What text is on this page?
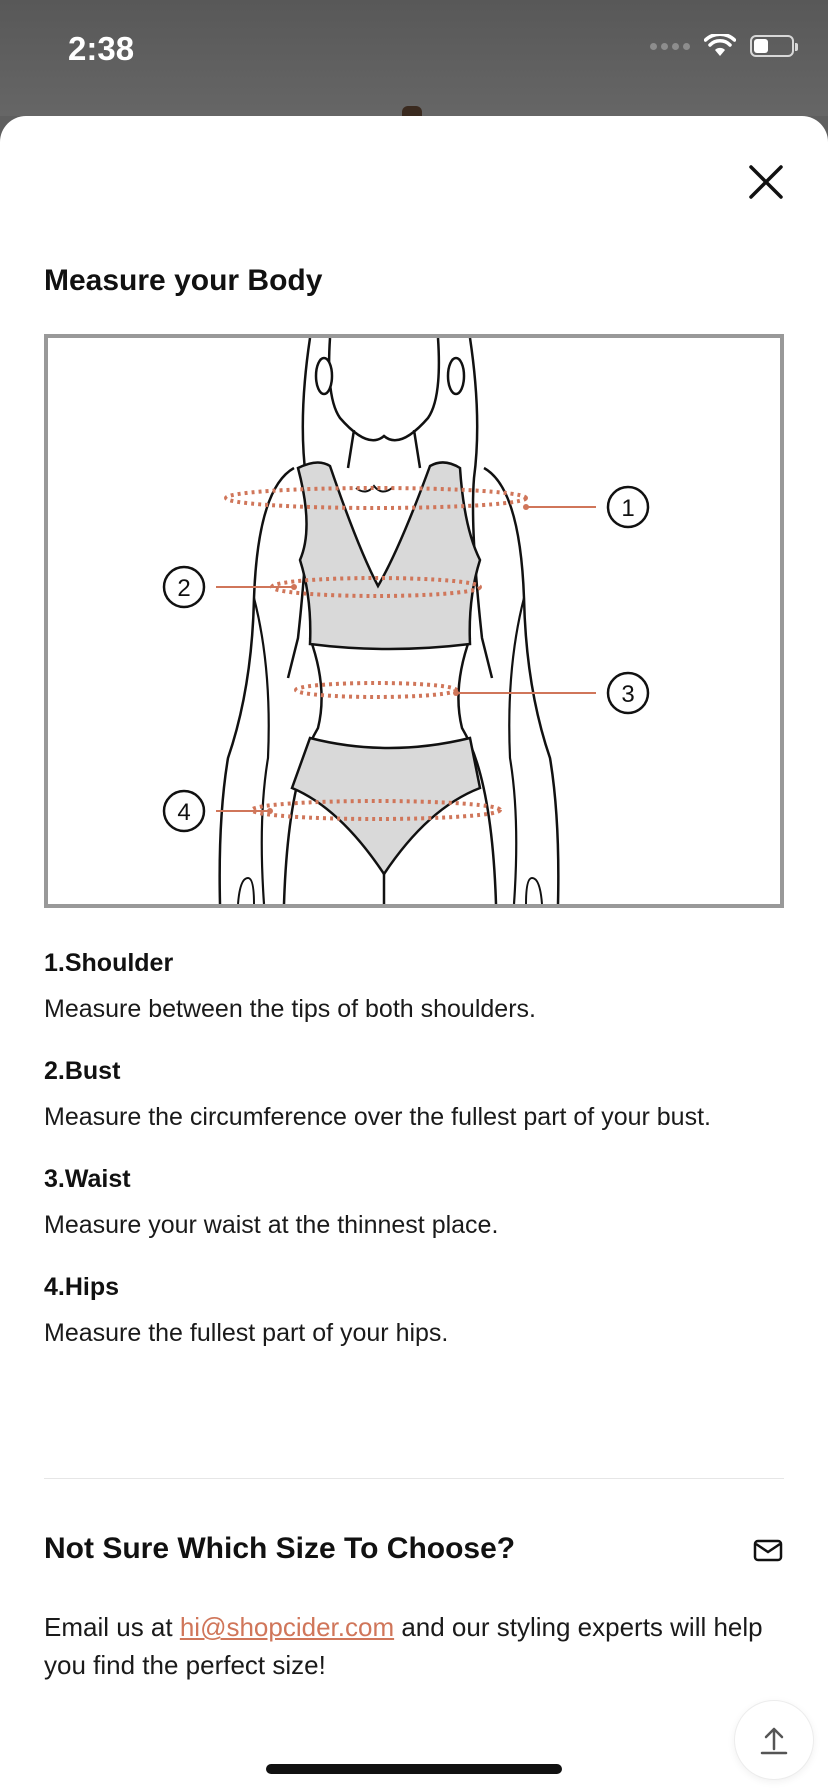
2:38
Measure your Body
1
2
3
4
1.Shoulder
Measure between the tips of both shoulders.
2.Bust
Measure the circumference over the fullest part of your bust.
3.Waist
Measure your waist at the thinnest place.
4.Hips
Measure the fullest part of your hips.
Not Sure Which Size To Choose?
Email us at hi@shopcider.com and our styling experts will help you find the perfect size!
